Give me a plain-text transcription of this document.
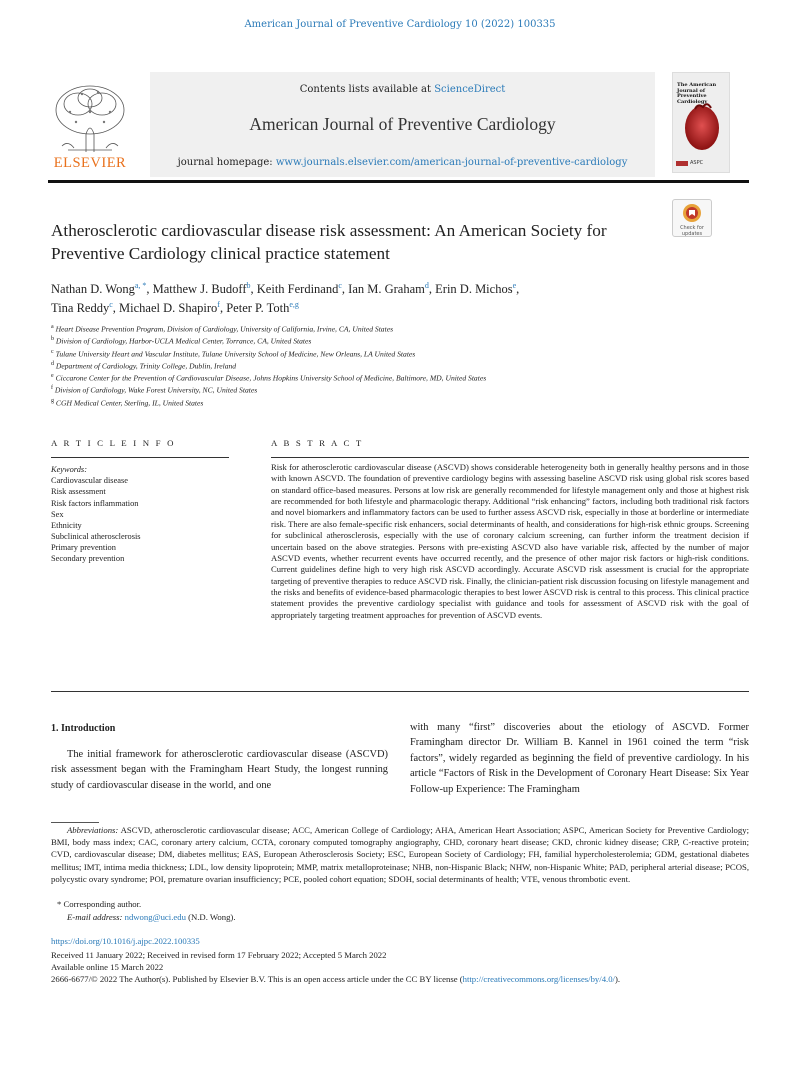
American Journal of Preventive Cardiology 10 (2022) 100335
ELSEVIER
Contents lists available at ScienceDirect
American Journal of Preventive Cardiology
journal homepage: www.journals.elsevier.com/american-journal-of-preventive-cardiology
The American Journal of Preventive Cardiology
ASPC
Check for updates
Atherosclerotic cardiovascular disease risk assessment: An American Society for Preventive Cardiology clinical practice statement
Nathan D. Wong$^{a, *}$, Matthew J. Budoff$^b$, Keith Ferdinand$^c$, Ian M. Graham$^d$, Erin D. Michos$^e$,
Tina Reddy$^c$, Michael D. Shapiro$^f$, Peter P. Toth$^{e,g}$
$^a$ Heart Disease Prevention Program, Division of Cardiology, University of California, Irvine, CA, United States
$^b$ Division of Cardiology, Harbor-UCLA Medical Center, Torrance, CA, United States
$^c$ Tulane University Heart and Vascular Institute, Tulane University School of Medicine, New Orleans, LA United States
$^d$ Department of Cardiology, Trinity College, Dublin, Ireland
$^e$ Ciccarone Center for the Prevention of Cardiovascular Disease, Johns Hopkins University School of Medicine, Baltimore, MD, United States
$^f$ Division of Cardiology, Wake Forest University, NC, United States
$^g$ CGH Medical Center, Sterling, IL, United States
A R T I C L E I N F O	A B S T R A C T
Keywords:
Cardiovascular disease
Risk assessment
Risk factors inflammation
Sex
Ethnicity
Subclinical atherosclerosis
Primary prevention
Secondary prevention
Risk for atherosclerotic cardiovascular disease (ASCVD) shows considerable heterogeneity both in generally healthy persons and in those with known ASCVD. The foundation of preventive cardiology begins with assessing baseline ASCVD risk using global risk scores based on standard office-based measures. Persons at low risk are generally recommended for lifestyle management only and those at highest risk are recommended for both lifestyle and pharmacologic therapy. Additional “risk enhancing” factors, including both traditional risk factors and novel biomarkers and inflammatory factors can be used to further assess ASCVD risk, especially in those at borderline or intermediate risk. There are also female-specific risk enhancers, social determinants of health, and considerations for high-risk ethnic groups. Screening for subclinical atherosclerosis, especially with the use of coronary calcium screening, can further inform the treatment decision if uncertain based on the above strategies. Persons with pre-existing ASCVD also have variable risk, affected by the number of major ASCVD events, whether recurrent events have occurred recently, and the presence of other major risk factors or high-risk conditions. Current guidelines define high to very high risk ASCVD accordingly. Accurate ASCVD risk assessment is crucial for the appropriate targeting of preventive therapies to reduce ASCVD risk. Finally, the clinician-patient risk discussion focusing on lifestyle management and the risks and benefits of evidence-based pharmacologic therapies to best lower ASCVD risk is central to this process. This clinical practice statement provides the preventive cardiology specialist with guidance and tools for assessment of ASCVD risk with the goal of appropriately targeting treatment approaches for prevention of ASCVD events.
1. Introduction
The initial framework for atherosclerotic cardiovascular disease (ASCVD) risk assessment began with the Framingham Heart Study, the longest running study of cardiovascular disease in the world, and one
with many “first” discoveries about the etiology of ASCVD. Former Framingham director Dr. William B. Kannel in 1961 coined the term “risk factors”, widely regarded as beginning the field of preventive cardiology. In his article “Factors of Risk in the Development of Coronary Heart Disease: Six Year Follow-up Experience: The Framingham
Abbreviations: ASCVD, atherosclerotic cardiovascular disease; ACC, American College of Cardiology; AHA, American Heart Association; ASPC, American Society for Preventive Cardiology; BMI, body mass index; CAC, coronary artery calcium, CCTA, coronary computed tomography angiography, CHD, coronary heart disease; CKD, chronic kidney disease; CRP, C-reactive protein; CVD, cardiovascular disease; DM, diabetes mellitus; EAS, European Atherosclerosis Society; ESC, European Society of Cardiology; FH, familial hypercholesterolemia; GDM, gestational diabetes mellitus; IMT, intima media thickness; LDL, low density lipoprotein; MMP, matrix metalloproteinase; NHB, non-Hispanic Black; NHW, non-Hispanic White; PAD, peripheral arterial disease; PCOS, polycystic ovary syndrome; POI, premature ovarian insufficiency; PCE, pooled cohort equation; SDOH, social determinants of health; VTE, venous thrombotic event.
* Corresponding author.
E-mail address: ndwong@uci.edu (N.D. Wong).
https://doi.org/10.1016/j.ajpc.2022.100335
Received 11 January 2022; Received in revised form 17 February 2022; Accepted 5 March 2022
Available online 15 March 2022
2666-6677/© 2022 The Author(s). Published by Elsevier B.V. This is an open access article under the CC BY license (http://creativecommons.org/licenses/by/4.0/).
